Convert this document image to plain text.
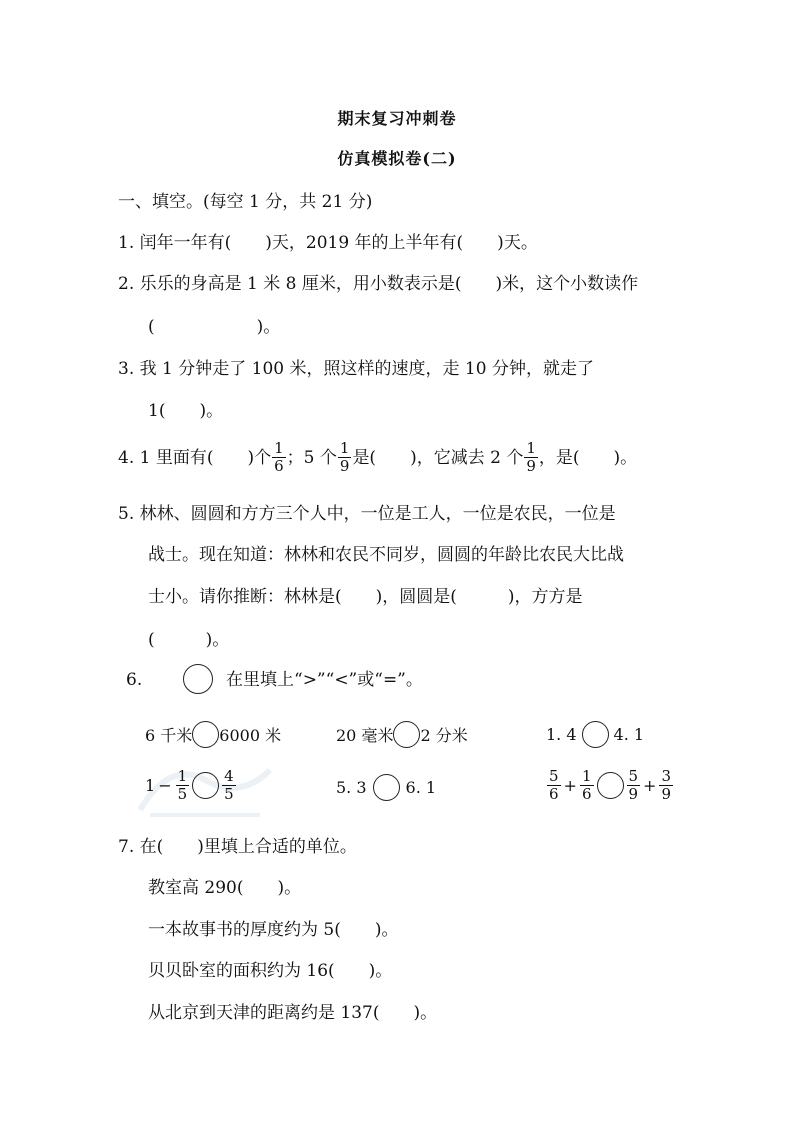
期末复习冲刺卷
仿真模拟卷(二)
一、填空。(每空 1 分，共 21 分)
1. 闰年一年有(　　)天，2019 年的上半年有(　　)天。
2. 乐乐的身高是 1 米 8 厘米，用小数表示是(　　)米，这个小数读作
(　　　　　　)。
3. 我 1 分钟走了 100 米，照这样的速度，走 10 分钟，就走了
1(　　)。
4. 1 里面有(　　)个 $\frac{1}{6}$ ；5 个 $\frac{1}{9}$ 是(　　)，它减去 2 个 $\frac{1}{9}$ ，是(　　)。
5. 林林、圆圆和方方三个人中，一位是工人，一位是农民，一位是
战士。现在知道：林林和农民不同岁，圆圆的年龄比农民大比战
士小。请你推断：林林是(　　)，圆圆是(　　　)，方方是
(　　　)。
6.	在里填上“>”“<”或“=”。
6 千米 6000 米	20 毫米 2 分米	1. 4 4. 1
$1 - \frac{1}{5} \frac{4}{5}$	5. 3 6. 1	$\frac{5}{6} + \frac{1}{6} \frac{5}{9} + \frac{3}{9}$
7. 在(　　)里填上合适的单位。
教室高 290(　　)。
一本故事书的厚度约为 5(　　)。
贝贝卧室的面积约为 16(　　)。
从北京到天津的距离约是 137(　　)。
